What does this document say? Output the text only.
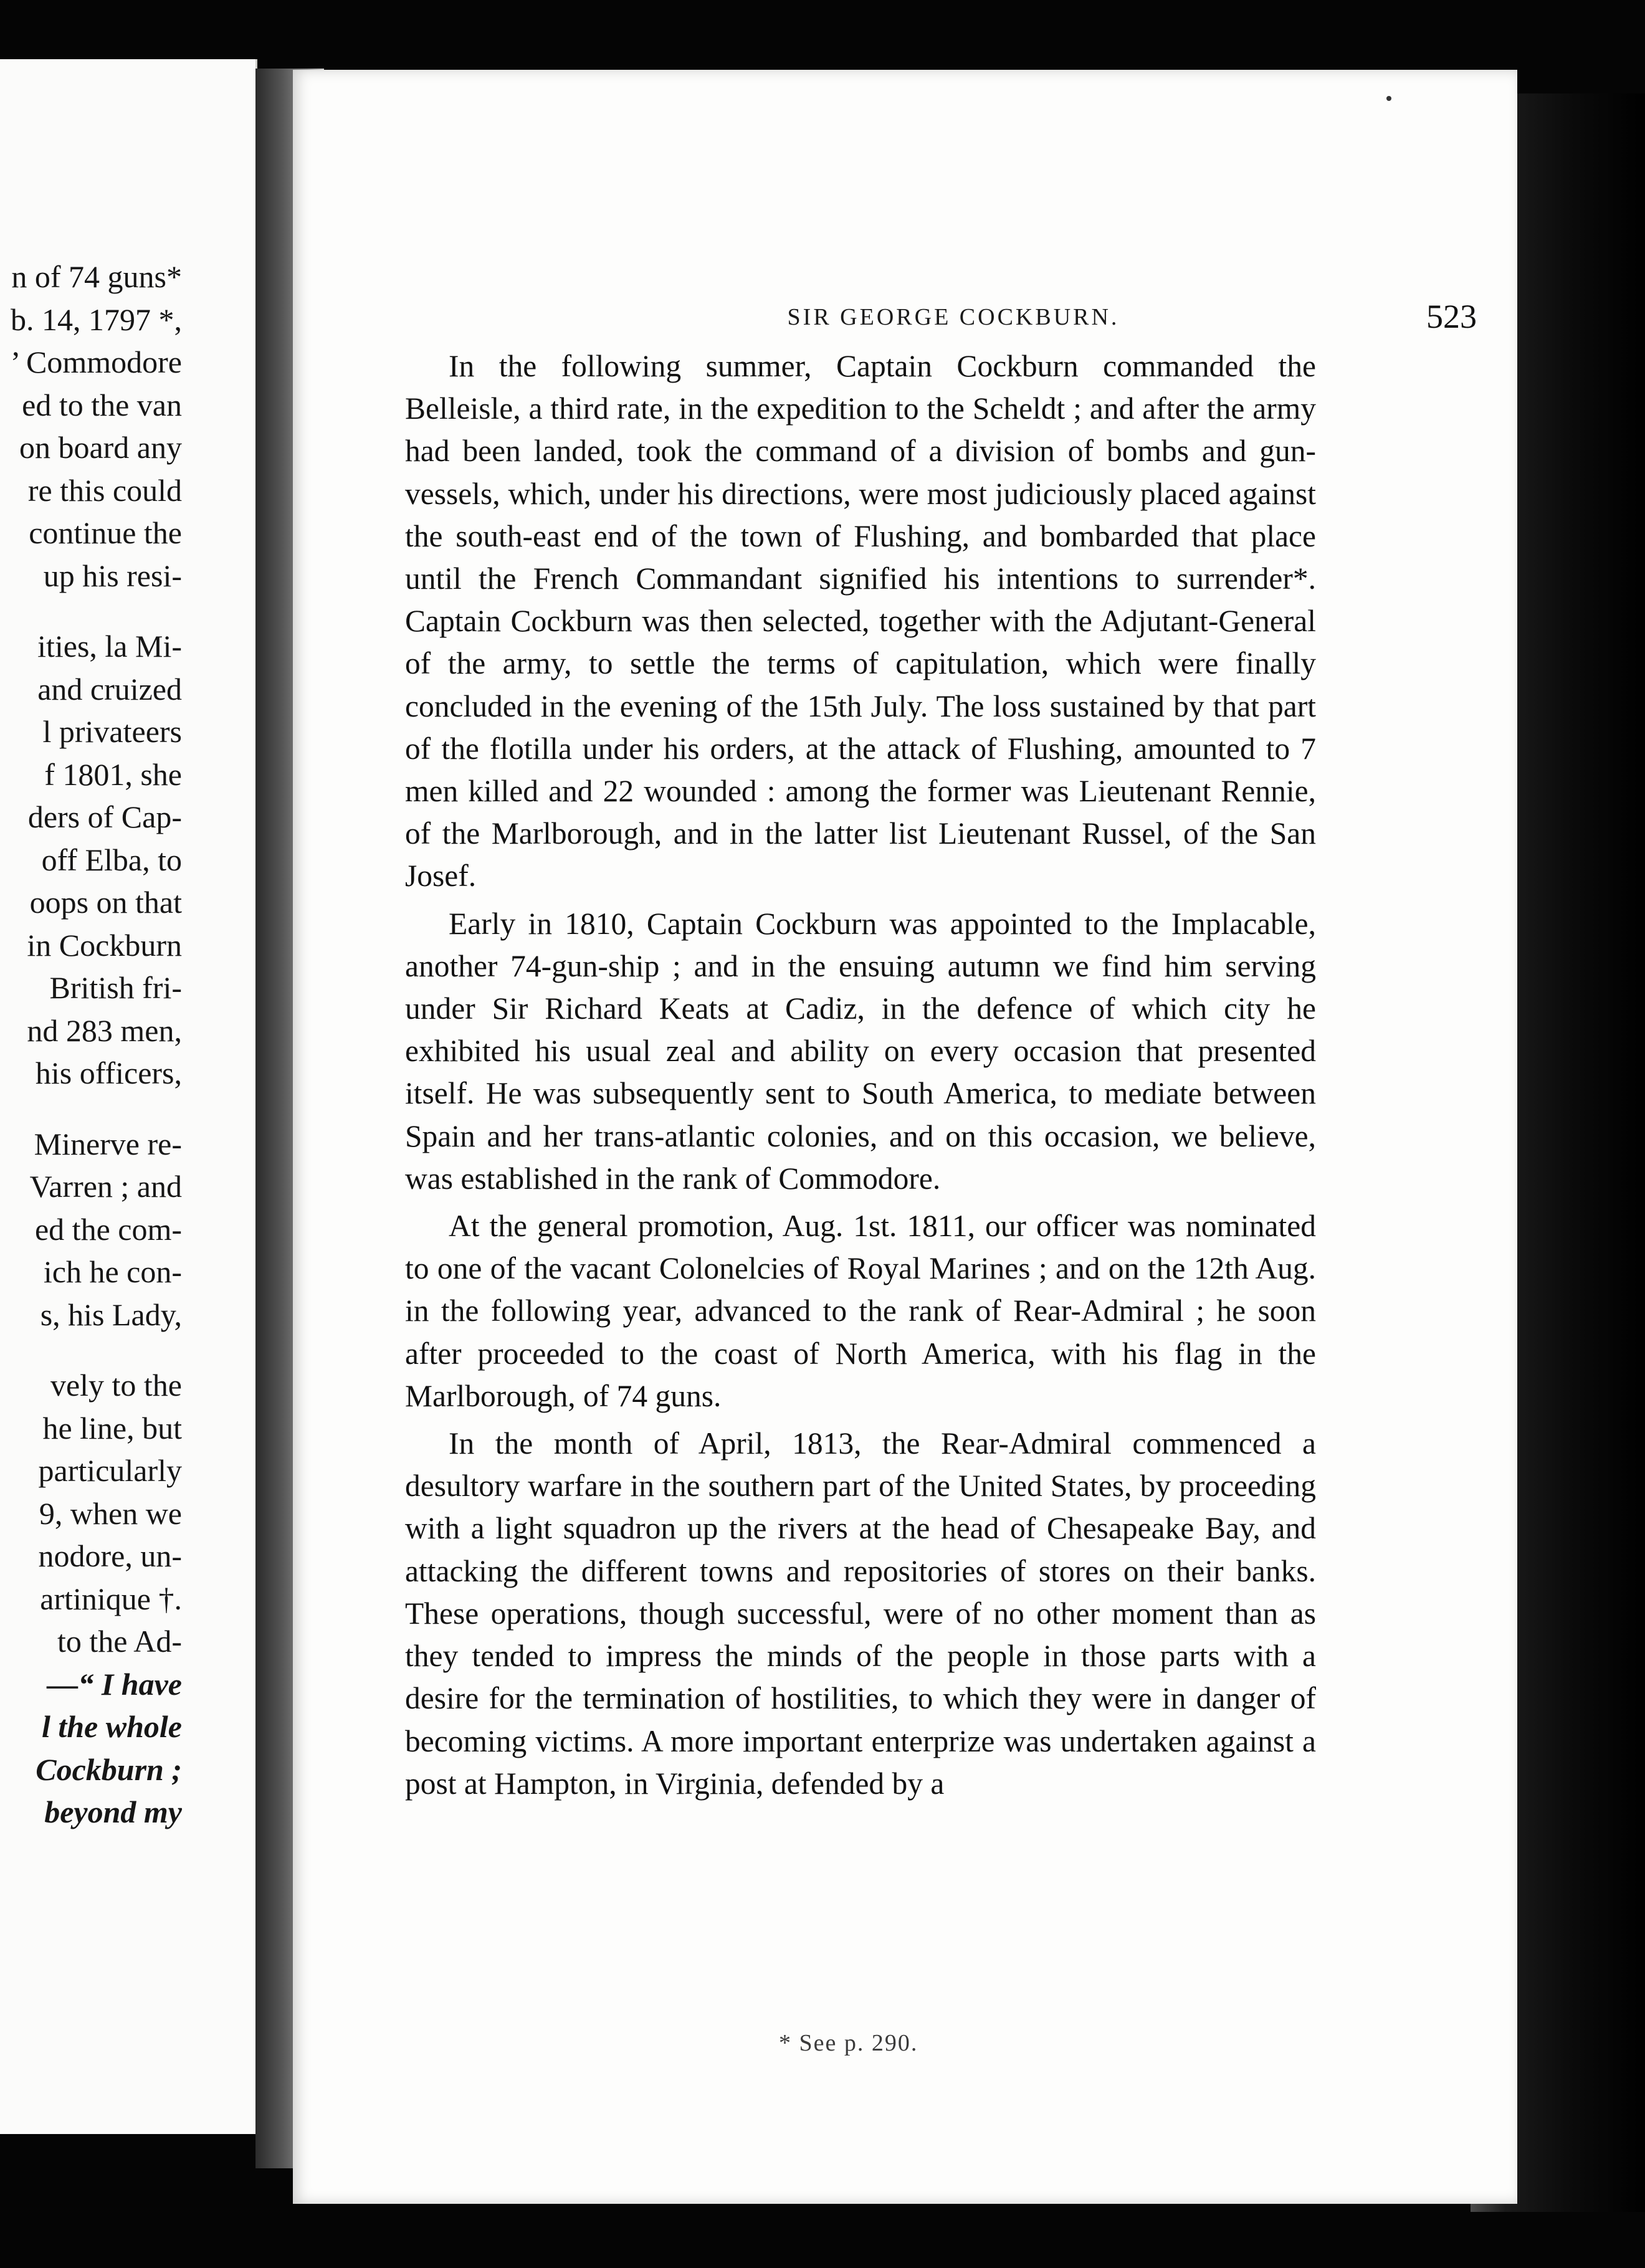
n of 74 guns*
b. 14, 1797 *,
’ Commodore
ed to the van
on board any
re this could
continue the
up his resi-
ities, la Mi-
and cruized
l privateers
f 1801, she
ders of Cap-
off Elba, to
oops on that
in Cockburn
British fri-
nd 283 men,
his officers,
Minerve re-
Varren ; and
ed the com-
ich he con-
s, his Lady,
vely to the
he line, but
particularly
9, when we
nodore, un-
artinique †.
to the Ad-
—“ I have
l the whole
Cockburn ;
beyond my
SIR GEORGE COCKBURN.	523

In the following summer, Captain Cockburn commanded the Belleisle, a third rate, in the expedition to the Scheldt ; and after the army had been landed, took the command of a division of bombs and gun-vessels, which, under his directions, were most judiciously placed against the south-east end of the town of Flushing, and bombarded that place until the French Commandant signified his intentions to surrender*. Captain Cockburn was then selected, together with the Adjutant-General of the army, to settle the terms of capitulation, which were finally concluded in the evening of the 15th July. The loss sustained by that part of the flotilla under his orders, at the attack of Flushing, amounted to 7 men killed and 22 wounded : among the former was Lieutenant Rennie, of the Marlborough, and in the latter list Lieutenant Russel, of the San Josef.

Early in 1810, Captain Cockburn was appointed to the Implacable, another 74-gun-ship ; and in the ensuing autumn we find him serving under Sir Richard Keats at Cadiz, in the defence of which city he exhibited his usual zeal and ability on every occasion that presented itself. He was subsequently sent to South America, to mediate between Spain and her trans-atlantic colonies, and on this occasion, we believe, was established in the rank of Commodore.

At the general promotion, Aug. 1st. 1811, our officer was nominated to one of the vacant Colonelcies of Royal Marines ; and on the 12th Aug. in the following year, advanced to the rank of Rear-Admiral ; he soon after proceeded to the coast of North America, with his flag in the Marlborough, of 74 guns.

In the month of April, 1813, the Rear-Admiral commenced a desultory warfare in the southern part of the United States, by proceeding with a light squadron up the rivers at the head of Chesapeake Bay, and attacking the different towns and repositories of stores on their banks. These operations, though successful, were of no other moment than as they tended to impress the minds of the people in those parts with a desire for the termination of hostilities, to which they were in danger of becoming victims. A more important enterprize was undertaken against a post at Hampton, in Virginia, defended by a

* See p. 290.
